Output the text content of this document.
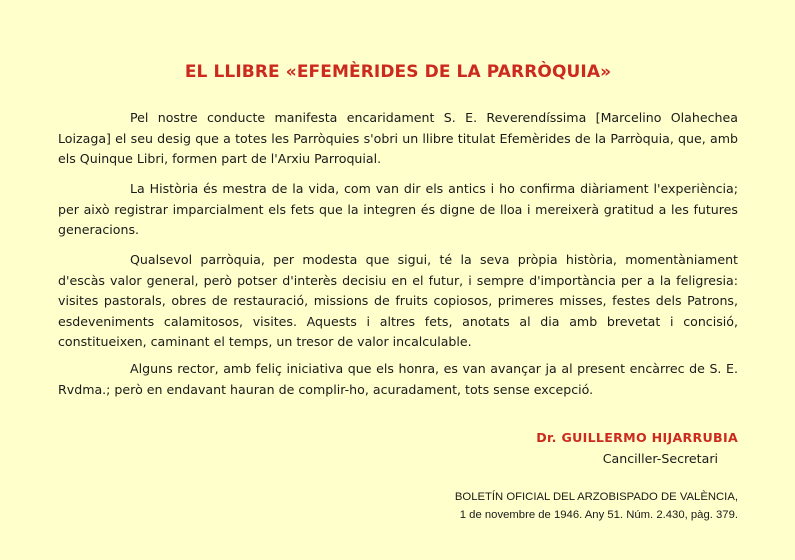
EL LLIBRE «EFEMÈRIDES DE LA PARRÒQUIA»

Pel nostre conducte manifesta encaridament S. E. Reverendíssima [Marcelino Olahechea Loizaga] el seu desig que a totes les Parròquies s'obri un llibre titulat Efemèrides de la Parròquia, que, amb els Quinque Libri, formen part de l'Arxiu Parroquial.

La Història és mestra de la vida, com van dir els antics i ho confirma diàriament l'experiència; per això registrar imparcialment els fets que la integren és digne de lloa i mereixerà gratitud a les futures generacions.

Qualsevol parròquia, per modesta que sigui, té la seva pròpia història, momentàniament d'escàs valor general, però potser d'interès decisiu en el futur, i sempre d'importància per a la feligresia: visites pastorals, obres de restauració, missions de fruits copiosos, primeres misses, festes dels Patrons, esdeveniments calamitosos, visites. Aquests i altres fets, anotats al dia amb brevetat i concisió, constitueixen, caminant el temps, un tresor de valor incalculable.

Alguns rector, amb feliç iniciativa que els honra, es van avançar ja al present encàrrec de S. E. Rvdma.; però en endavant hauran de complir-ho, acuradament, tots sense excepció.

Dr. GUILLERMO HIJARRUBIA

Canciller-Secretari

BOLETÍN OFICIAL DEL ARZOBISPADO DE VALÈNCIA,
1 de novembre de 1946. Any 51. Núm. 2.430, pàg. 379.
